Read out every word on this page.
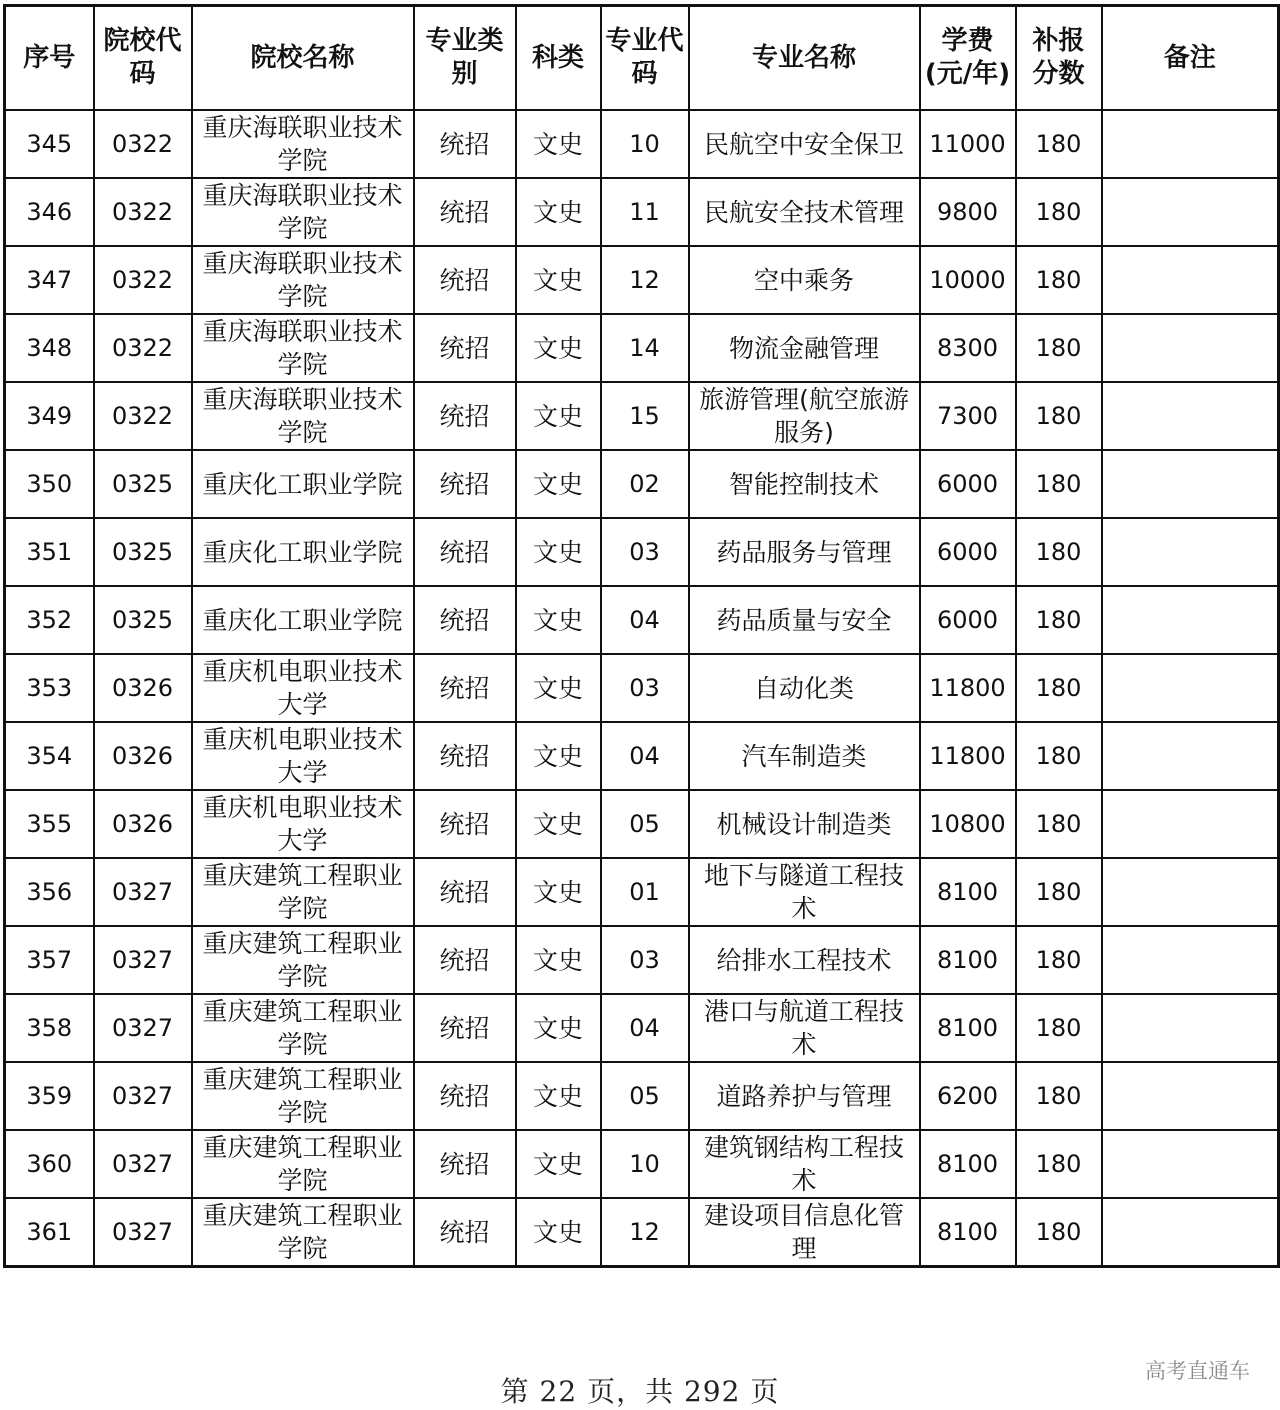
序号	院校代码	院校名称	专业类别	科类	专业代码	专业名称	学费(元/年)	补报分数	备注
345	0322	重庆海联职业技术学院	统招	文史	10	民航空中安全保卫	11000	180	
346	0322	重庆海联职业技术学院	统招	文史	11	民航安全技术管理	9800	180	
347	0322	重庆海联职业技术学院	统招	文史	12	空中乘务	10000	180	
348	0322	重庆海联职业技术学院	统招	文史	14	物流金融管理	8300	180	
349	0322	重庆海联职业技术学院	统招	文史	15	旅游管理(航空旅游服务)	7300	180	
350	0325	重庆化工职业学院	统招	文史	02	智能控制技术	6000	180	
351	0325	重庆化工职业学院	统招	文史	03	药品服务与管理	6000	180	
352	0325	重庆化工职业学院	统招	文史	04	药品质量与安全	6000	180	
353	0326	重庆机电职业技术大学	统招	文史	03	自动化类	11800	180	
354	0326	重庆机电职业技术大学	统招	文史	04	汽车制造类	11800	180	
355	0326	重庆机电职业技术大学	统招	文史	05	机械设计制造类	10800	180	
356	0327	重庆建筑工程职业学院	统招	文史	01	地下与隧道工程技术	8100	180	
357	0327	重庆建筑工程职业学院	统招	文史	03	给排水工程技术	8100	180	
358	0327	重庆建筑工程职业学院	统招	文史	04	港口与航道工程技术	8100	180	
359	0327	重庆建筑工程职业学院	统招	文史	05	道路养护与管理	6200	180	
360	0327	重庆建筑工程职业学院	统招	文史	10	建筑钢结构工程技术	8100	180	
361	0327	重庆建筑工程职业学院	统招	文史	12	建设项目信息化管理	8100	180	
第 22 页，共 292 页
高考直通车
